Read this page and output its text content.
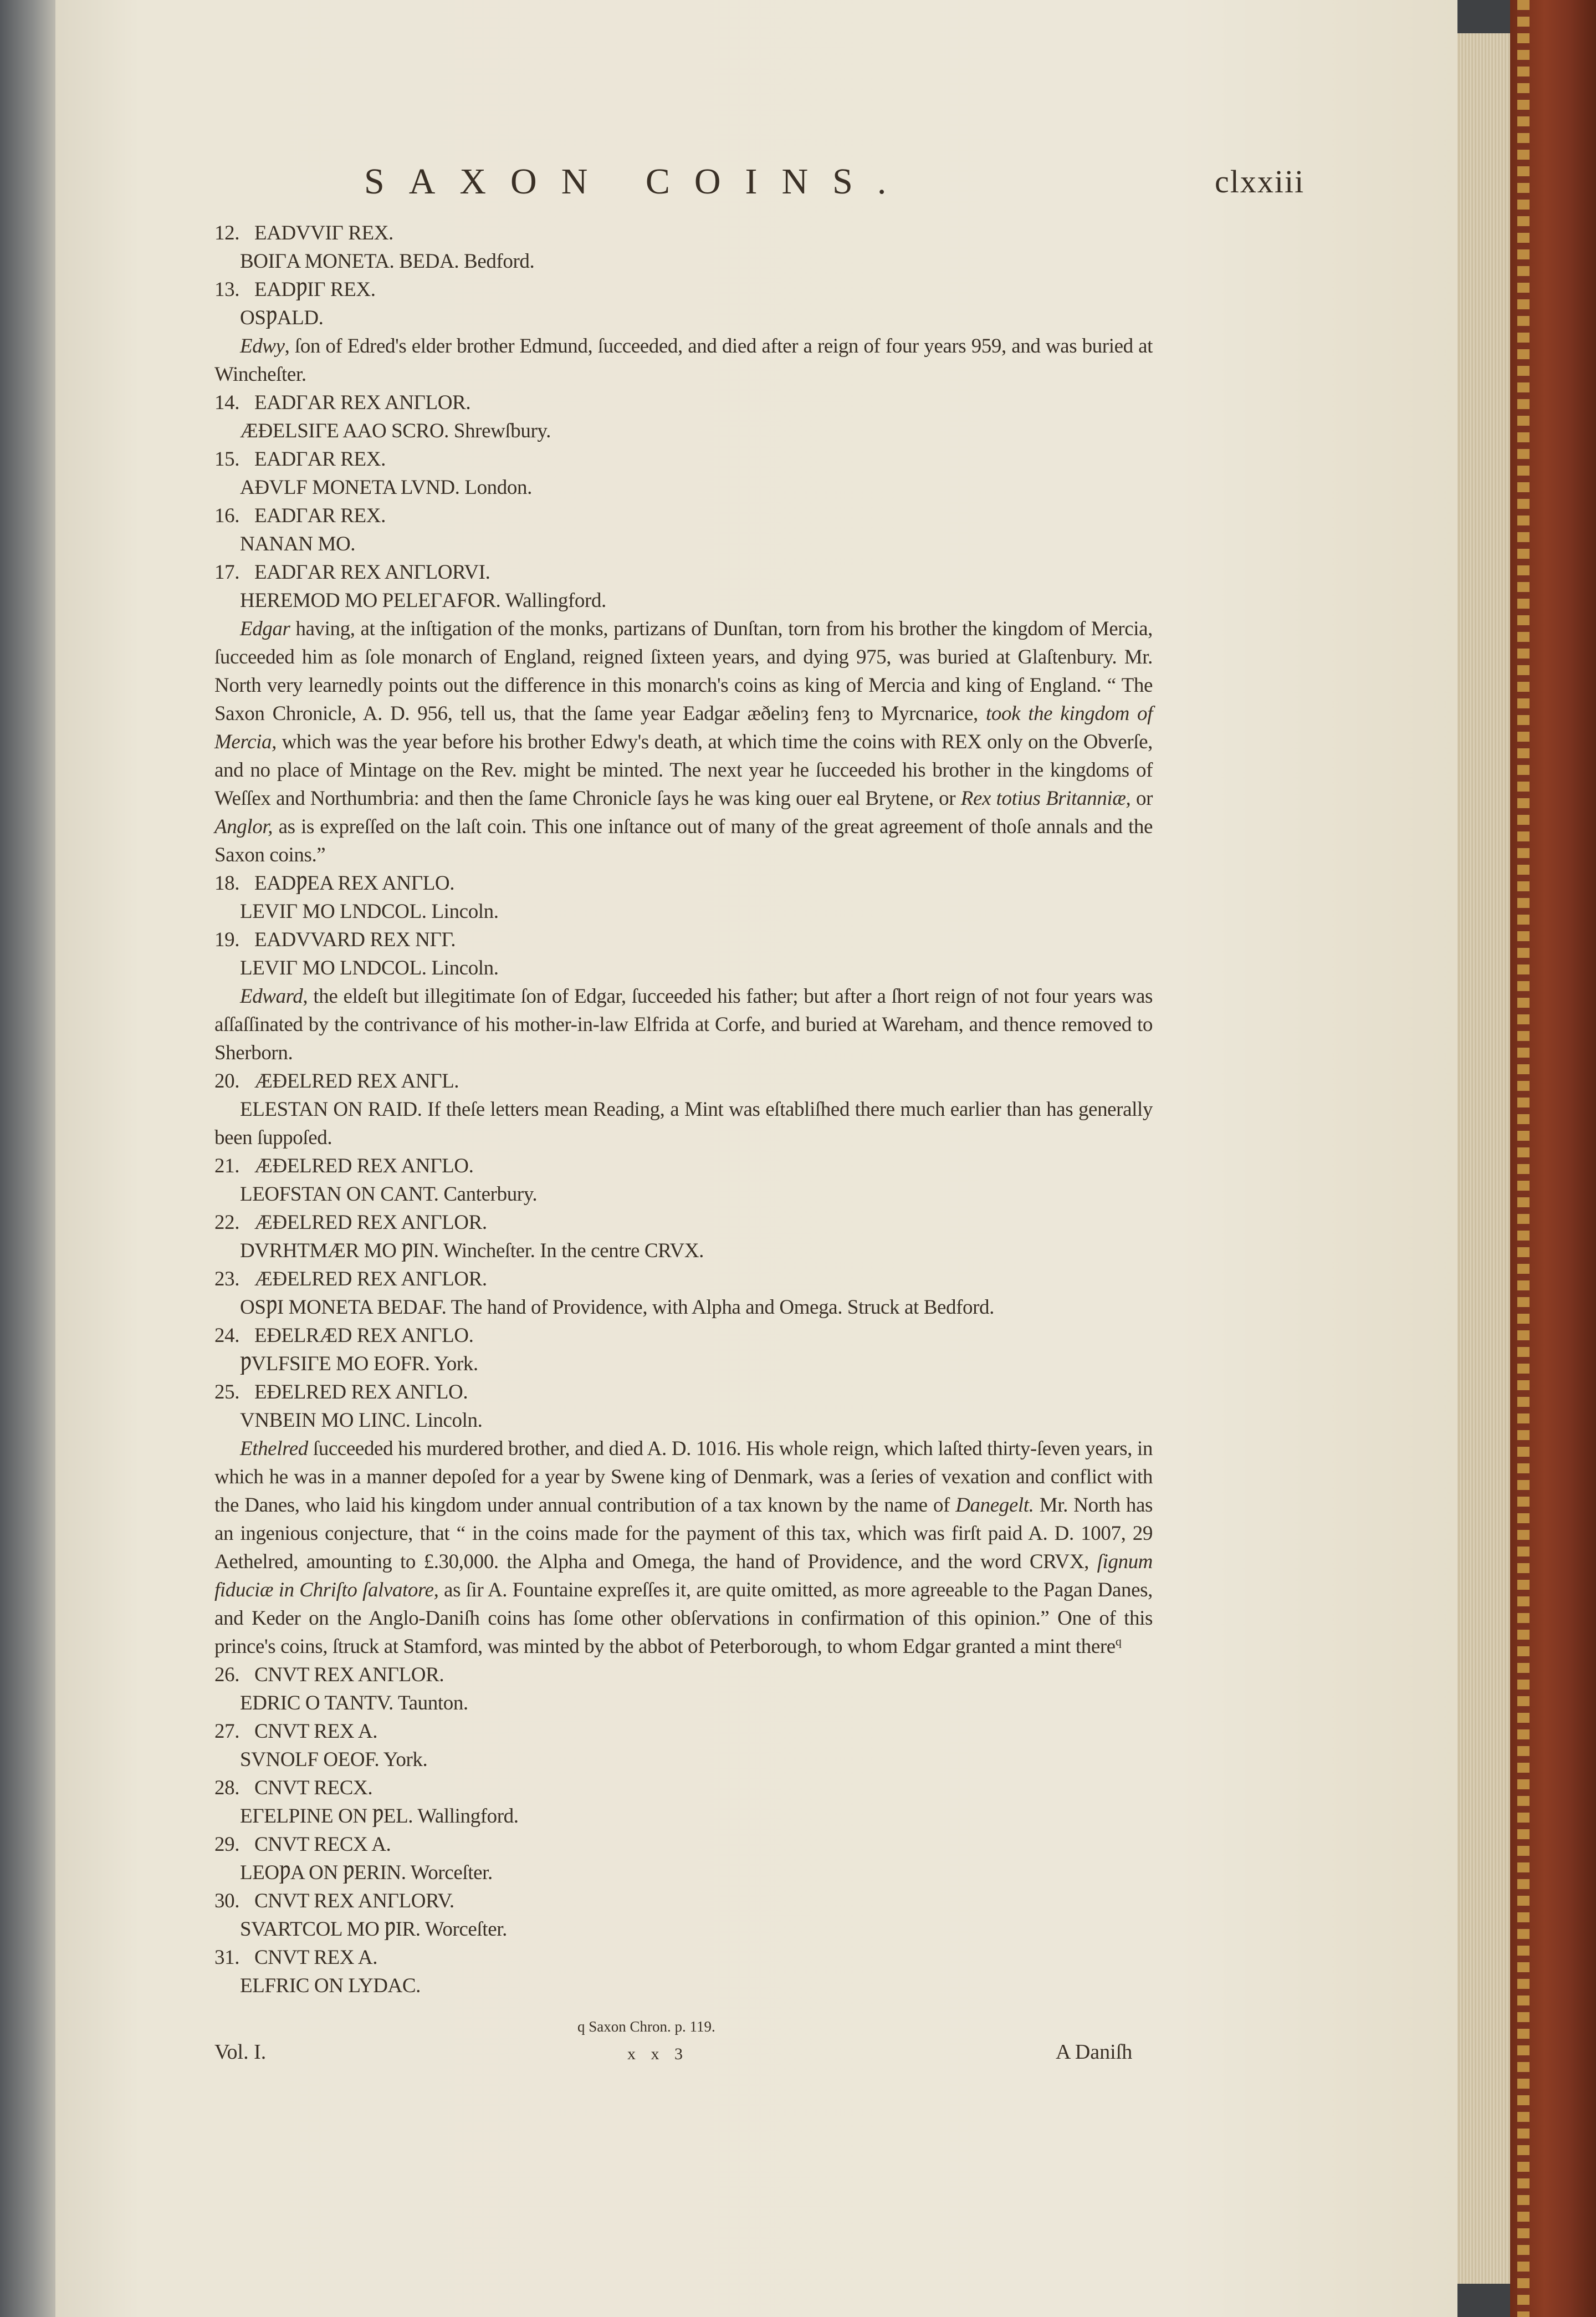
SAXON COINS.	clxxiii
12. EADVVIГ REX.
BOIГA MONETA. BEDA. Bedford.
13. EADǷIГ REX.
OSǷALD.
Edwy, ſon of Edred's elder brother Edmund, ſucceeded, and died after a reign of four years 959, and was buried at Wincheſter.
14. EADГAR REX ANГLOR.
ÆÐELSIГE AAO SCRO. Shrewſbury.
15. EADГAR REX.
AÐVLF MONETA LVND. London.
16. EADГAR REX.
NANAN MO.
17. EADГAR REX ANГLORVI.
HEREMOD MO PELEГAFOR. Wallingford.
Edgar having, at the inſtigation of the monks, partizans of Dunſtan, torn from his brother the kingdom of Mercia, ſucceeded him as ſole monarch of England, reigned ſixteen years, and dying 975, was buried at Glaſtenbury. Mr. North very learnedly points out the difference in this monarch's coins as king of Mercia and king of England. “ The Saxon Chronicle, A. D. 956, tell us, that the ſame year Eadgar æðelinȝ fenȝ to Myrcnarice, took the kingdom of Mercia, which was the year before his brother Edwy's death, at which time the coins with REX only on the Obverſe, and no place of Mintage on the Rev. might be minted. The next year he ſucceeded his brother in the kingdoms of Weſſex and Northumbria: and then the ſame Chronicle ſays he was king ouer eal Brytene, or Rex totius Britanniæ, or Anglor, as is expreſſed on the laſt coin. This one inſtance out of many of the great agreement of thoſe annals and the Saxon coins.”
18. EADǷEA REX ANГLO.
LEVIГ MO LNDCOL. Lincoln.
19. EADVVARD REX NГГ.
LEVIГ MO LNDCOL. Lincoln.
Edward, the eldeſt but illegitimate ſon of Edgar, ſucceeded his father; but after a ſhort reign of not four years was aſſaſſinated by the contrivance of his mother-in-law Elfrida at Corfe, and buried at Wareham, and thence removed to Sherborn.
20. ÆÐELRED REX ANГL.
ELESTAN ON RAID. If theſe letters mean Reading, a Mint was eſtabliſhed there much earlier than has generally been ſuppoſed.
21. ÆÐELRED REX ANГLO.
LEOFSTAN ON CANT. Canterbury.
22. ÆÐELRED REX ANГLOR.
DVRHTMÆR MO ǷIN. Wincheſter. In the centre CRVX.
23. ÆÐELRED REX ANГLOR.
OSǷI MONETA BEDAF. The hand of Providence, with Alpha and Omega. Struck at Bedford.
24. EÐELRÆD REX ANГLO.
ǷVLFSIГE MO EOFR. York.
25. EÐELRED REX ANГLO.
VNBEIN MO LINC. Lincoln.
Ethelred ſucceeded his murdered brother, and died A. D. 1016. His whole reign, which laſted thirty-ſeven years, in which he was in a manner depoſed for a year by Swene king of Denmark, was a ſeries of vexation and conflict with the Danes, who laid his kingdom under annual contribution of a tax known by the name of Danegelt. Mr. North has an ingenious conjecture, that “ in the coins made for the payment of this tax, which was firſt paid A. D. 1007, 29 Aethelred, amounting to £.30,000. the Alpha and Omega, the hand of Providence, and the word CRVX, ſignum fiduciæ in Chriſto ſalvatore, as ſir A. Fountaine expreſſes it, are quite omitted, as more agreeable to the Pagan Danes, and Keder on the Anglo-Daniſh coins has ſome other obſervations in confirmation of this opinion.” One of this prince's coins, ſtruck at Stamford, was minted by the abbot of Peterborough, to whom Edgar granted a mint there$^q$
26. CNVT REX ANГLOR.
EDRIC O TANTV. Taunton.
27. CNVT REX A.
SVNOLF OEOF. York.
28. CNVT RECX.
EГELPINE ON ǷEL. Wallingford.
29. CNVT RECX A.
LEOǷA ON ǷERIN. Worceſter.
30. CNVT REX ANГLORV.
SVARTCOL MO ǷIR. Worceſter.
31. CNVT REX A.
ELFRIC ON LYDAC.
Vol. I.
q Saxon Chron. p. 119.
x x 3	A Daniſh
